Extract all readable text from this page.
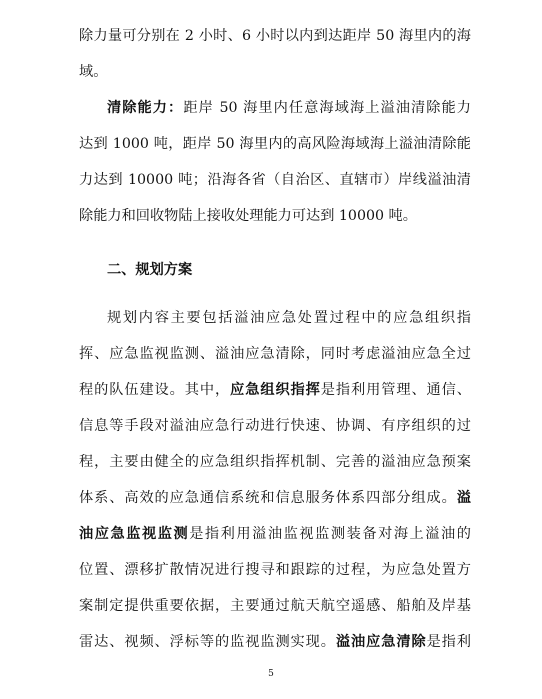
除力量可分别在 2 小时、6 小时以内到达距岸 50 海里内的海
域。
清除能力：距岸 50 海里内任意海域海上溢油清除能力
达到 1000 吨，距岸 50 海里内的高风险海域海上溢油清除能
力达到 10000 吨；沿海各省（自治区、直辖市）岸线溢油清
除能力和回收物陆上接收处理能力可达到 10000 吨。
二、规划方案
规划内容主要包括溢油应急处置过程中的应急组织指
挥、应急监视监测、溢油应急清除，同时考虑溢油应急全过
程的队伍建设。其中，应急组织指挥是指利用管理、通信、
信息等手段对溢油应急行动进行快速、协调、有序组织的过
程，主要由健全的应急组织指挥机制、完善的溢油应急预案
体系、高效的应急通信系统和信息服务体系四部分组成。溢
油应急监视监测是指利用溢油监视监测装备对海上溢油的
位置、漂移扩散情况进行搜寻和跟踪的过程，为应急处置方
案制定提供重要依据，主要通过航天航空遥感、船舶及岸基
雷达、视频、浮标等的监视监测实现。溢油应急清除是指利
5
